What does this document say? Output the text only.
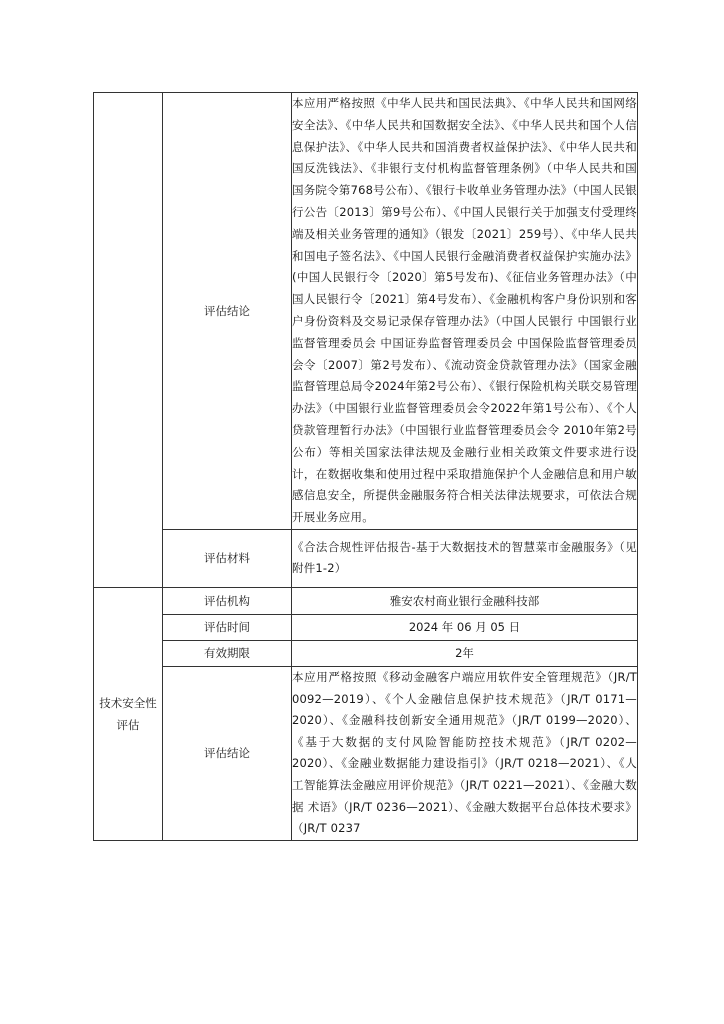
	评估结论	本应用严格按照《中华人民共和国民法典》、《中华人民共和国网络安全法》、《中华人民共和国数据安全法》、《中华人民共和国个人信息保护法》、《中华人民共和国消费者权益保护法》、《中华人民共和国反洗钱法》、《非银行支付机构监督管理条例》（中华人民共和国国务院令第768号公布）、《银行卡收单业务管理办法》（中国人民银行公告〔2013〕第9号公布）、《中国人民银行关于加强支付受理终端及相关业务管理的通知》（银发〔2021〕259号）、《中华人民共和国电子签名法》、《中国人民银行金融消费者权益保护实施办法》(中国人民银行令〔2020〕第5号发布)、《征信业务管理办法》（中国人民银行令〔2021〕第4号发布）、《金融机构客户身份识别和客户身份资料及交易记录保存管理办法》（中国人民银行 中国银行业监督管理委员会 中国证券监督管理委员会 中国保险监督管理委员会令〔2007〕第2号发布）、《流动资金贷款管理办法》（国家金融监督管理总局令2024年第2号公布）、《银行保险机构关联交易管理办法》（中国银行业监督管理委员会令2022年第1号公布）、《个人贷款管理暂行办法》（中国银行业监督管理委员会令 2010年第2号公布）等相关国家法律法规及金融行业相关政策文件要求进行设计，在数据收集和使用过程中采取措施保护个人金融信息和用户敏感信息安全，所提供金融服务符合相关法律法规要求，可依法合规开展业务应用。
	评估材料	《合法合规性评估报告-基于大数据技术的智慧菜市金融服务》（见附件1-2）
技术安全性评估	评估机构	雅安农村商业银行金融科技部
	评估时间	2024 年 06 月 05 日
	有效期限	2年
	评估结论	本应用严格按照《移动金融客户端应用软件安全管理规范》（JR/T 0092—2019）、《个人金融信息保护技术规范》（JR/T 0171—2020）、《金融科技创新安全通用规范》（JR/T 0199—2020）、《基于大数据的支付风险智能防控技术规范》（JR/T 0202—2020）、《金融业数据能力建设指引》（JR/T 0218—2021）、《人工智能算法金融应用评价规范》（JR/T 0221—2021）、《金融大数据 术语》（JR/T 0236—2021）、《金融大数据平台总体技术要求》（JR/T 0237
